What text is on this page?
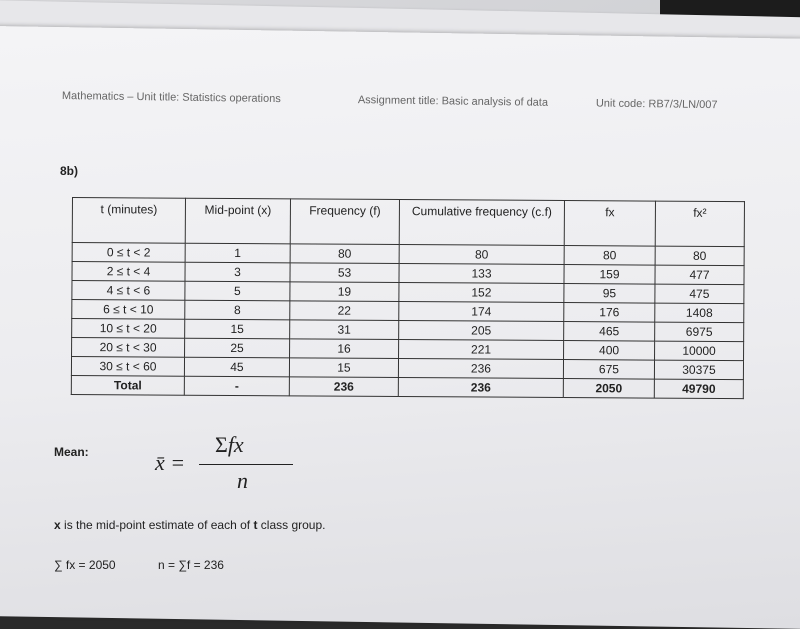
Mathematics – Unit title: Statistics operations	Assignment title: Basic analysis of data	Unit code: RB7/3/LN/007
8b)
t (minutes)	Mid-point (x)	Frequency (f)	Cumulative frequency (c.f)	fx	fx²
0 ≤ t < 2	1	80	80	80	80
2 ≤ t < 4	3	53	133	159	477
4 ≤ t < 6	5	19	152	95	475
6 ≤ t < 10	8	22	174	176	1408
10 ≤ t < 20	15	31	205	465	6975
20 ≤ t < 30	25	16	221	400	10000
30 ≤ t < 60	45	15	236	675	30375
Total	-	236	236	2050	49790
Mean:	x̄ =
Σfx
n
x is the mid-point estimate of each of t class group.
∑ fx = 2050	n = ∑f = 236
